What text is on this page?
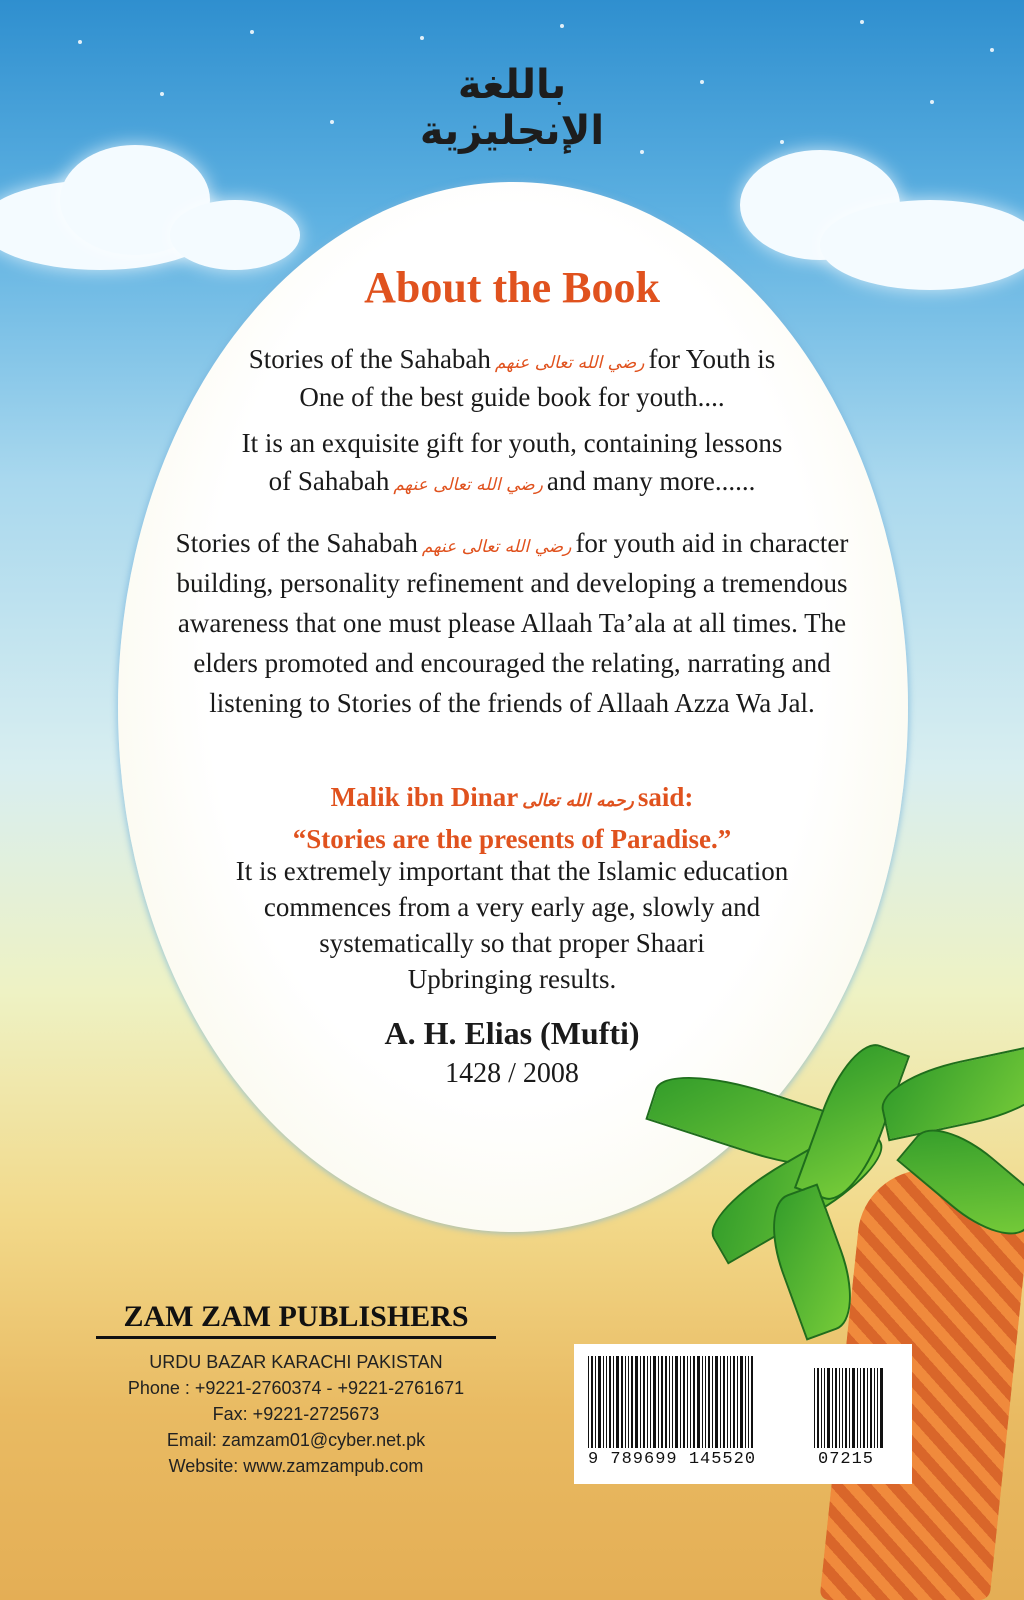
باللغة الإنجليزية
About the Book
Stories of the Sahabah رضي الله تعالى عنهم for Youth is
One of the best guide book for youth....
It is an exquisite gift for youth, containing lessons
of Sahabah رضي الله تعالى عنهم and many more......
Stories of the Sahabah رضي الله تعالى عنهم for youth aid in character
building, personality refinement and developing a tremendous
awareness that one must please Allaah Ta’ala at all times. The
elders promoted and encouraged the relating, narrating and
listening to Stories of the friends of Allaah Azza Wa Jal.
Malik ibn Dinar رحمه الله تعالى said:
“Stories are the presents of Paradise.”
It is extremely important that the Islamic education
commences from a very early age, slowly and
systematically so that proper Shaari
Upbringing results.
A. H. Elias (Mufti)
1428 / 2008
ZAM ZAM PUBLISHERS
URDU BAZAR KARACHI PAKISTAN
Phone : +9221-2760374 - +9221-2761671
Fax: +9221-2725673
Email: zamzam01@cyber.net.pk
Website: www.zamzampub.com	9 789699 145520	07215
